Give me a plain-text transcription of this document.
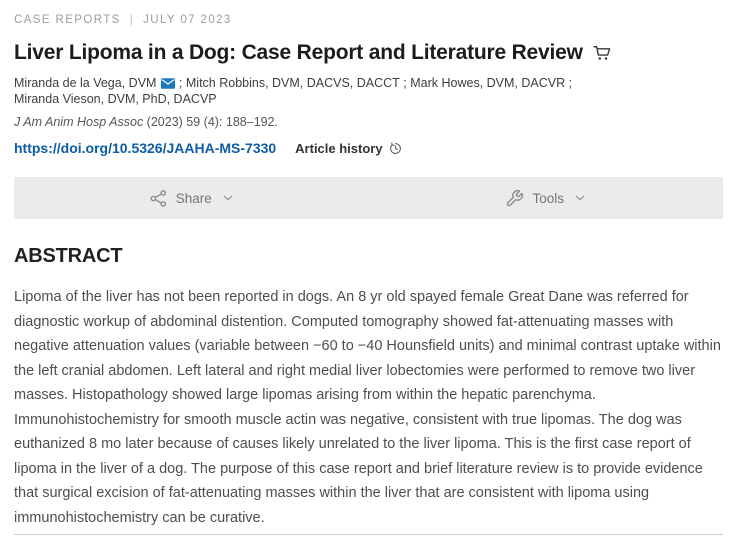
CASE REPORTS | JULY 07 2023
Liver Lipoma in a Dog: Case Report and Literature Review
Miranda de la Vega, DVM ; Mitch Robbins, DVM, DACVS, DACCT ; Mark Howes, DVM, DACVR ;
Miranda Vieson, DVM, PhD, DACVP
J Am Anim Hosp Assoc (2023) 59 (4): 188–192.
https://doi.org/10.5326/JAAHA-MS-7330 Article history
Share	Tools
ABSTRACT

Lipoma of the liver has not been reported in dogs. An 8 yr old spayed female Great Dane was referred for diagnostic workup of abdominal distention. Computed tomography showed fat-attenuating masses with negative attenuation values (variable between −60 to −40 Hounsfield units) and minimal contrast uptake within the left cranial abdomen. Left lateral and right medial liver lobectomies were performed to remove two liver masses. Histopathology showed large lipomas arising from within the hepatic parenchyma. Immunohistochemistry for smooth muscle actin was negative, consistent with true lipomas. The dog was euthanized 8 mo later because of causes likely unrelated to the liver lipoma. This is the first case report of lipoma in the liver of a dog. The purpose of this case report and brief literature review is to provide evidence that surgical excision of fat-attenuating masses within the liver that are consistent with lipoma using immunohistochemistry can be curative.
